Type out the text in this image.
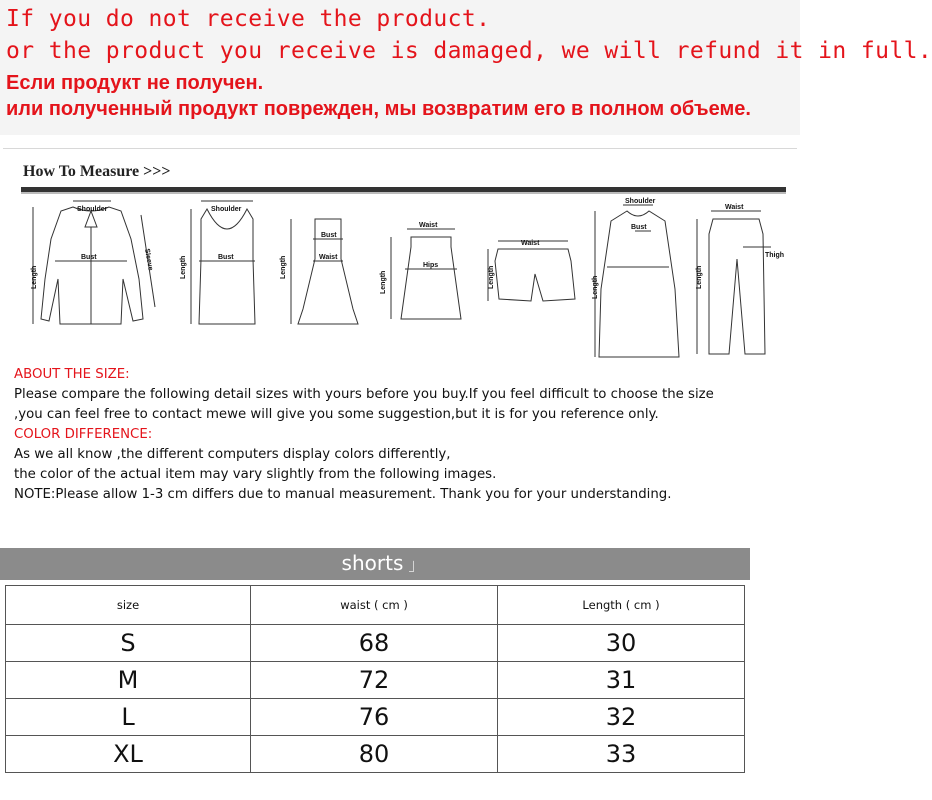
If you do not receive the product.
or the product you receive is damaged, we will refund it in full.
Если продукт не получен.
или полученный продукт поврежден, мы возвратим его в полном объеме.
How To Measure >>>
Shoulder
Bust
Length
Sleeve
Shoulder
Bust
Length
Bust
Waist
Length
Waist
Hips
Length
Waist
Length
Shoulder
Bust
Length
Waist
Thigh
Length
ABOUT THE SIZE:
Please compare the following detail sizes with yours before you buy.If you feel difficult to choose the size
,you can feel free to contact mewe will give you some suggestion,but it is for you reference only.
COLOR DIFFERENCE:
As we all know ,the different computers display colors differently,
the color of the actual item may vary slightly from the following images.
NOTE:Please allow 1-3 cm differs due to manual measurement. Thank you for your understanding.
shorts 」
size	waist ( cm )	Length ( cm )
S	68	30
M	72	31
L	76	32
XL	80	33
